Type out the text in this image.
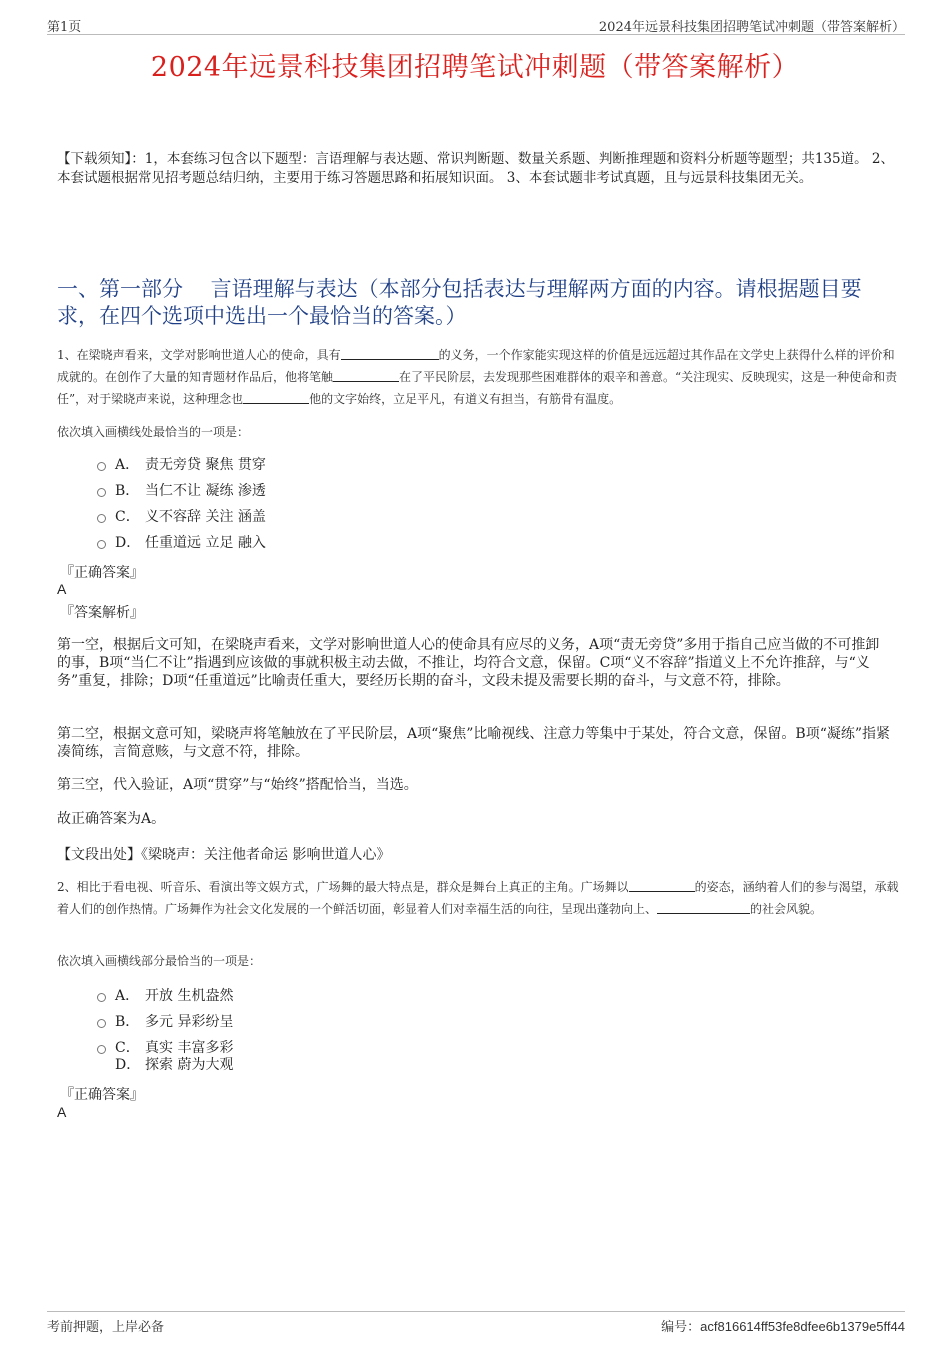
第1页	2024年远景科技集团招聘笔试冲刺题（带答案解析）
2024年远景科技集团招聘笔试冲刺题（带答案解析）
【下载须知】：1，本套练习包含以下题型：言语理解与表达题、常识判断题、数量关系题、判断推理题和资料分析题等题型；共135道。 2、本套试题根据常见招考题总结归纳，主要用于练习答题思路和拓展知识面。 3、本套试题非考试真题，且与远景科技集团无关。
一、第一部分　 言语理解与表达（本部分包括表达与理解两方面的内容。请根据题目要求，在四个选项中选出一个最恰当的答案。）
1、在梁晓声看来，文学对影响世道人心的使命，具有	的义务，一个作家能实现这样的价值是远远超过其作品在文学史上获得什么样的评价和成就的。在创作了大量的知青题材作品后，他将笔触	在了平民阶层，去发现那些困难群体的艰辛和善意。“关注现实、反映现实，这是一种使命和责任”，对于梁晓声来说，这种理念也	他的文字始终，立足平凡，有道义有担当，有筋骨有温度。
依次填入画横线处最恰当的一项是：
A． 责无旁贷 聚焦 贯穿
B． 当仁不让 凝练 渗透
C． 义不容辞 关注 涵盖
D． 任重道远 立足 融入
『正确答案』
A
『答案解析』
第一空，根据后文可知，在梁晓声看来，文学对影响世道人心的使命具有应尽的义务，A项“责无旁贷”多用于指自己应当做的不可推卸的事，B项“当仁不让”指遇到应该做的事就积极主动去做，不推让，均符合文意，保留。C项“义不容辞”指道义上不允许推辞，与“义务”重复，排除；D项“任重道远”比喻责任重大，要经历长期的奋斗，文段未提及需要长期的奋斗，与文意不符，排除。
第二空，根据文意可知，梁晓声将笔触放在了平民阶层，A项“聚焦”比喻视线、注意力等集中于某处，符合文意，保留。B项“凝练”指紧凑简练，言简意赅，与文意不符，排除。
第三空，代入验证，A项“贯穿”与“始终”搭配恰当，当选。
故正确答案为A。
【文段出处】《梁晓声：关注他者命运 影响世道人心》
2、相比于看电视、听音乐、看演出等文娱方式，广场舞的最大特点是，群众是舞台上真正的主角。广场舞以	的姿态，涵纳着人们的参与渴望，承载着人们的创作热情。广场舞作为社会文化发展的一个鲜活切面，彰显着人们对幸福生活的向往，呈现出蓬勃向上、	的社会风貌。
依次填入画横线部分最恰当的一项是：
A． 开放 生机盎然
B． 多元 异彩纷呈
C． 真实 丰富多彩
D． 探索 蔚为大观
『正确答案』
A
考前押题，上岸必备	编号：acf816614ff53fe8dfee6b1379e5ff44
